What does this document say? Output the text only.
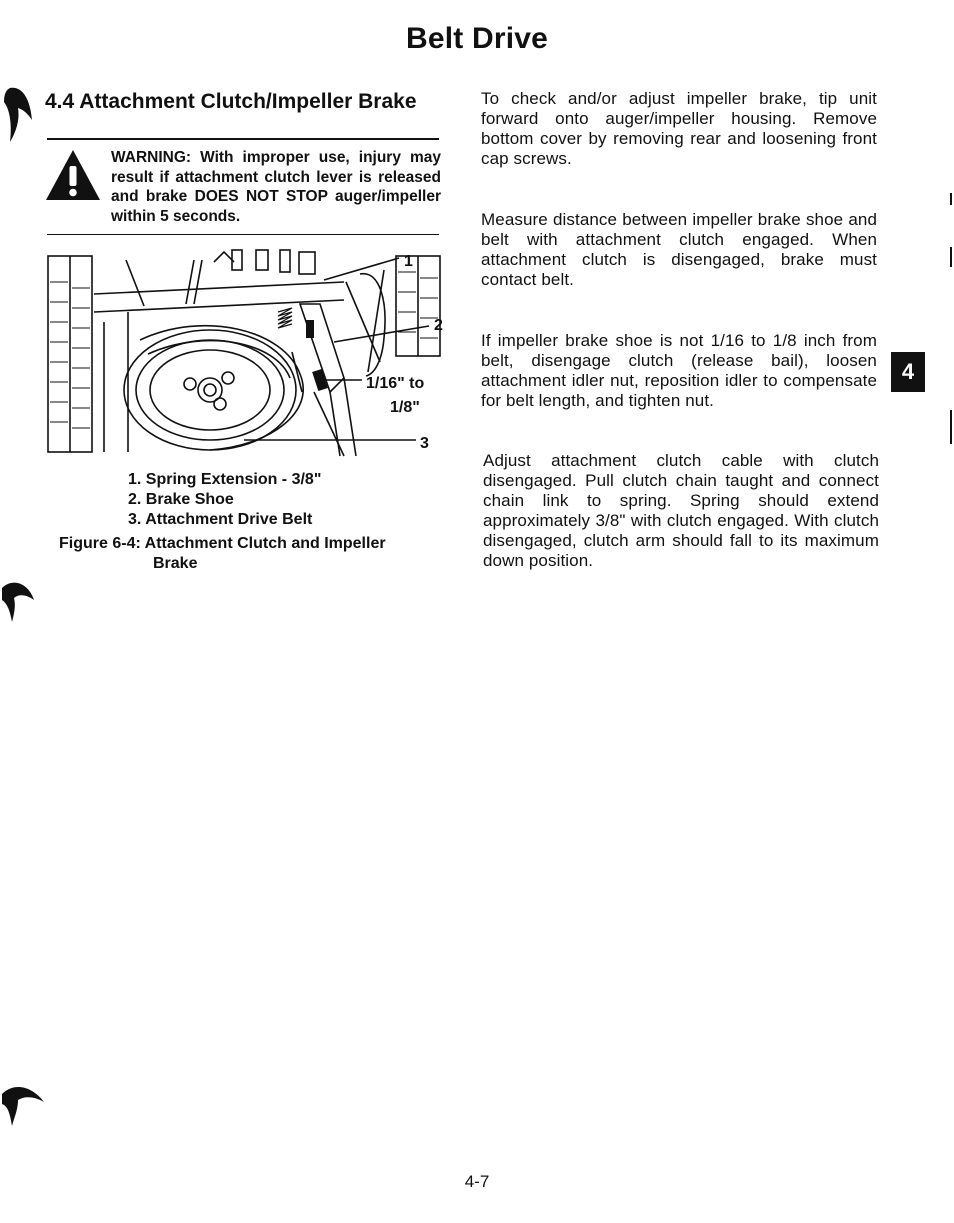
Belt Drive
4.4 Attachment Clutch/Impeller Brake
WARNING: With improper use, injury may result if attachment clutch lever is released and brake DOES NOT STOP auger/impeller within 5 seconds.
1
2
3
1/16" to
1/8"
1. Spring Extension - 3/8"
2. Brake Shoe
3. Attachment Drive Belt
Figure 6-4: Attachment Clutch and Impeller
Brake
To check and/or adjust impeller brake, tip unit forward onto auger/impeller housing. Remove bottom cover by removing rear and loosening front cap screws.
Measure distance between impeller brake shoe and belt with attachment clutch engaged. When attachment clutch is disengaged, brake must contact belt.
If impeller brake shoe is not 1/16 to 1/8 inch from belt, disengage clutch (release bail), loosen attachment idler nut, reposition idler to compensate for belt length, and tighten nut.
Adjust attachment clutch cable with clutch disengaged. Pull clutch chain taught and connect chain link to spring. Spring should extend approximately 3/8" with clutch engaged. With clutch disengaged, clutch arm should fall to its maximum down position.
4
4-7
